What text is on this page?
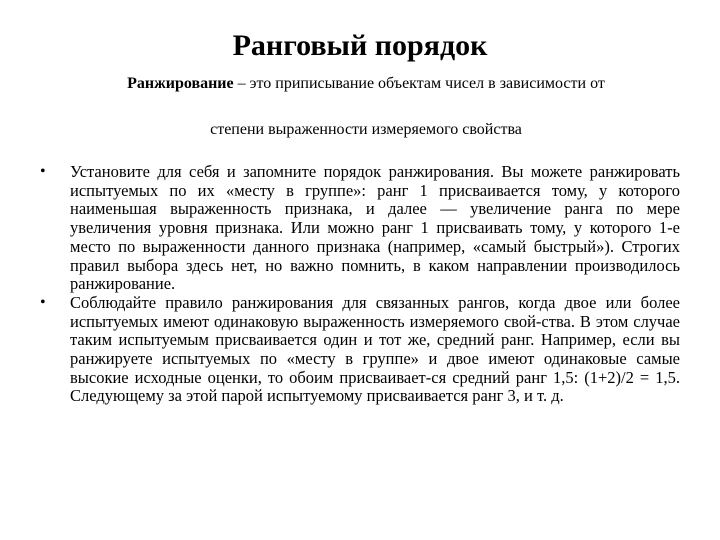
Ранговый порядок
Ранжирование – это приписывание объектам чисел в зависимости от
степени выраженности измеряемого свойства
• Установите для себя и запомните порядок ранжирования. Вы можете ранжировать испытуемых по их «месту в группе»: ранг 1 присваивается тому, у которого наименьшая выраженность признака, и далее — увеличение ранга по мере увеличения уровня признака. Или можно ранг 1 присваивать тому, у которого 1-е место по выраженности данного признака (например, «самый быстрый»). Строгих правил выбора здесь нет, но важно помнить, в каком направлении производилось ранжирование.
• Соблюдайте правило ранжирования для связанных рангов, когда двое или более испытуемых имеют одинаковую выраженность измеряемого свой-ства. В этом случае таким испытуемым присваивается один и тот же, средний ранг. Например, если вы ранжируете испытуемых по «месту в группе» и двое имеют одинаковые самые высокие исходные оценки, то обоим присваивает-ся средний ранг 1,5: (1+2)/2 = 1,5. Следующему за этой парой испытуемому присваивается ранг 3, и т. д.
